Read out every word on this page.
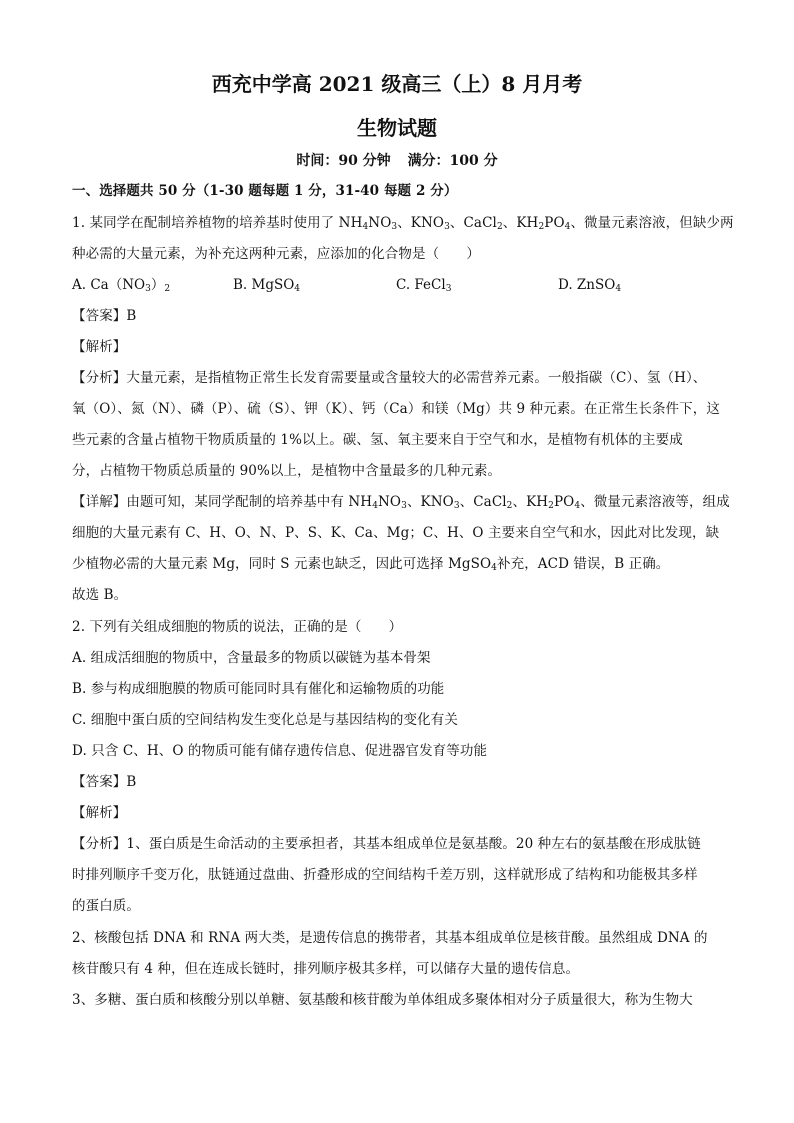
西充中学高 2021 级高三（上）8 月月考
生物试题
时间：90 分钟 满分：100 分
一、选择题共 50 分（1-30 题每题 1 分，31-40 每题 2 分）
1. 某同学在配制培养植物的培养基时使用了 $NH_4NO_3$、$KNO_3$、CaCl$_2$、$KH_2PO_4$、微量元素溶液，但缺少两
种必需的大量元素，为补充这两种元素，应添加的化合物是（　　）
A. $Ca(NO_3)_2$	B. MgSO$_4$	C. FeCl$_3$	D. ZnSO$_4$
【答案】B
【解析】
【分析】大量元素，是指植物正常生长发育需要量或含量较大的必需营养元素。一般指碳（C）、氢（H）、
氧（O）、氮（N）、磷（P）、硫（S）、钾（K）、钙（Ca）和镁（Mg）共 9 种元素。在正常生长条件下，这
些元素的含量占植物干物质质量的 1%以上。碳、氢、氧主要来自于空气和水，是植物有机体的主要成
分，占植物干物质总质量的 90%以上，是植物中含量最多的几种元素。
【详解】由题可知，某同学配制的培养基中有 $NH_4NO_3$、$KNO_3$、CaCl$_2$、$KH_2PO_4$、微量元素溶液等，组成
细胞的大量元素有 C、H、O、N、P、S、K、Ca、Mg；C、H、O 主要来自空气和水，因此对比发现，缺
少植物必需的大量元素 Mg，同时 S 元素也缺乏，因此可选择 MgSO$_4$补充，ACD 错误，B 正确。
故选 B。
2. 下列有关组成细胞的物质的说法，正确的是（　　）
A. 组成活细胞的物质中，含量最多的物质以碳链为基本骨架
B. 参与构成细胞膜的物质可能同时具有催化和运输物质的功能
C. 细胞中蛋白质的空间结构发生变化总是与基因结构的变化有关
D. 只含 C、H、O 的物质可能有储存遗传信息、促进器官发育等功能
【答案】B
【解析】
【分析】1、蛋白质是生命活动的主要承担者，其基本组成单位是氨基酸。20 种左右的氨基酸在形成肽链
时排列顺序千变万化，肽链通过盘曲、折叠形成的空间结构千差万别，这样就形成了结构和功能极其多样
的蛋白质。
2、核酸包括 DNA 和 RNA 两大类，是遗传信息的携带者，其基本组成单位是核苷酸。虽然组成 DNA 的
核苷酸只有 4 种，但在连成长链时，排列顺序极其多样，可以储存大量的遗传信息。
3、多糖、蛋白质和核酸分别以单糖、氨基酸和核苷酸为单体组成多聚体相对分子质量很大，称为生物大
